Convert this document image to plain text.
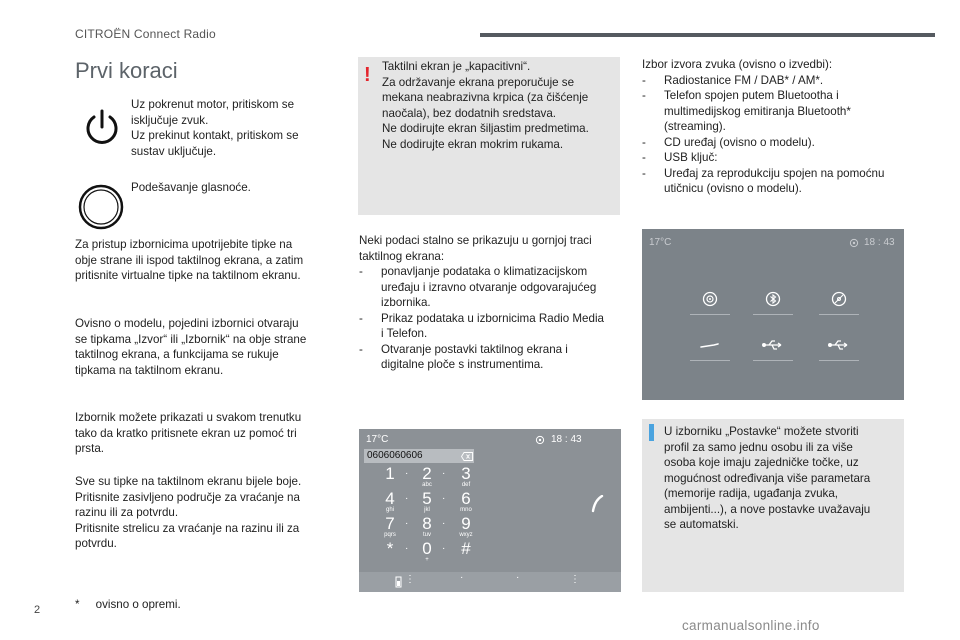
CITROËN Connect Radio
Prvi koraci

Uz pokrenut motor, pritiskom se

isključuje zvuk.

Uz prekinut kontakt, pritiskom se

sustav uključuje.

Podešavanje glasnoće.

Za pristup izbornicima upotrijebite tipke na

obje strane ili ispod taktilnog ekrana, a zatim

pritisnite virtualne tipke na taktilnom ekranu.

Ovisno o modelu, pojedini izbornici otvaraju

se tipkama „Izvor“ ili „Izbornik“ na obje strane

taktilnog ekrana, a funkcijama se rukuje

tipkama na taktilnom ekranu.

Izbornik možete prikazati u svakom trenutku

tako da kratko pritisnete ekran uz pomoć tri

prsta.

Sve su tipke na taktilnom ekranu bijele boje.

Pritisnite zasivljeno područje za vraćanje na

razinu ili za potvrdu.

Pritisnite strelicu za vraćanje na razinu ili za

potvrdu.

* ovisno o opremi.
! Taktilni ekran je „kapacitivni“.

Za održavanje ekrana preporučuje se

mekana neabrazivna krpica (za čišćenje

naočala), bez dodatnih sredstava.

Ne dodirujte ekran šiljastim predmetima.

Ne dodirujte ekran mokrim rukama.

Neki podaci stalno se prikazuju u gornjoj traci

taktilnog ekrana:

- ponavljanje podataka o klimatizacijskom
uređaju i izravno otvaranje odgovarajućeg
izbornika.
- Prikaz podataka u izbornicima Radio Media
i Telefon.
- Otvaranje postavki taktilnog ekrana i
digitalne ploče s instrumentima.
17°C	18 : 43
0606060606
1	· 2
abc
· 3
def
4
ghi
· 5
jkl
· 6
mno
7
pqrs
· 8
tuv
· 9
wxyz
*	· 0
+
· #
⋮	·	·	⋮

Izbor izvora zvuka (ovisno o izvedbi):

- Radiostanice FM / DAB* / AM*.
- Telefon spojen putem Bluetootha i
multimedijskog emitiranja Bluetooth*
(streaming).
- CD uređaj (ovisno o modelu).
- USB ključ:
- Uređaj za reprodukciju spojen na pomoćnu
utičnicu (ovisno o modelu).
17°C	18 : 43

U izborniku „Postavke“ možete stvoriti

profil za samo jednu osobu ili za više

osoba koje imaju zajedničke točke, uz

mogućnost određivanja više parametara

(memorije radija, ugađanja zvuka,

ambijenti...), a nove postavke uvažavaju

se automatski.

2
carmanualsonline.info
